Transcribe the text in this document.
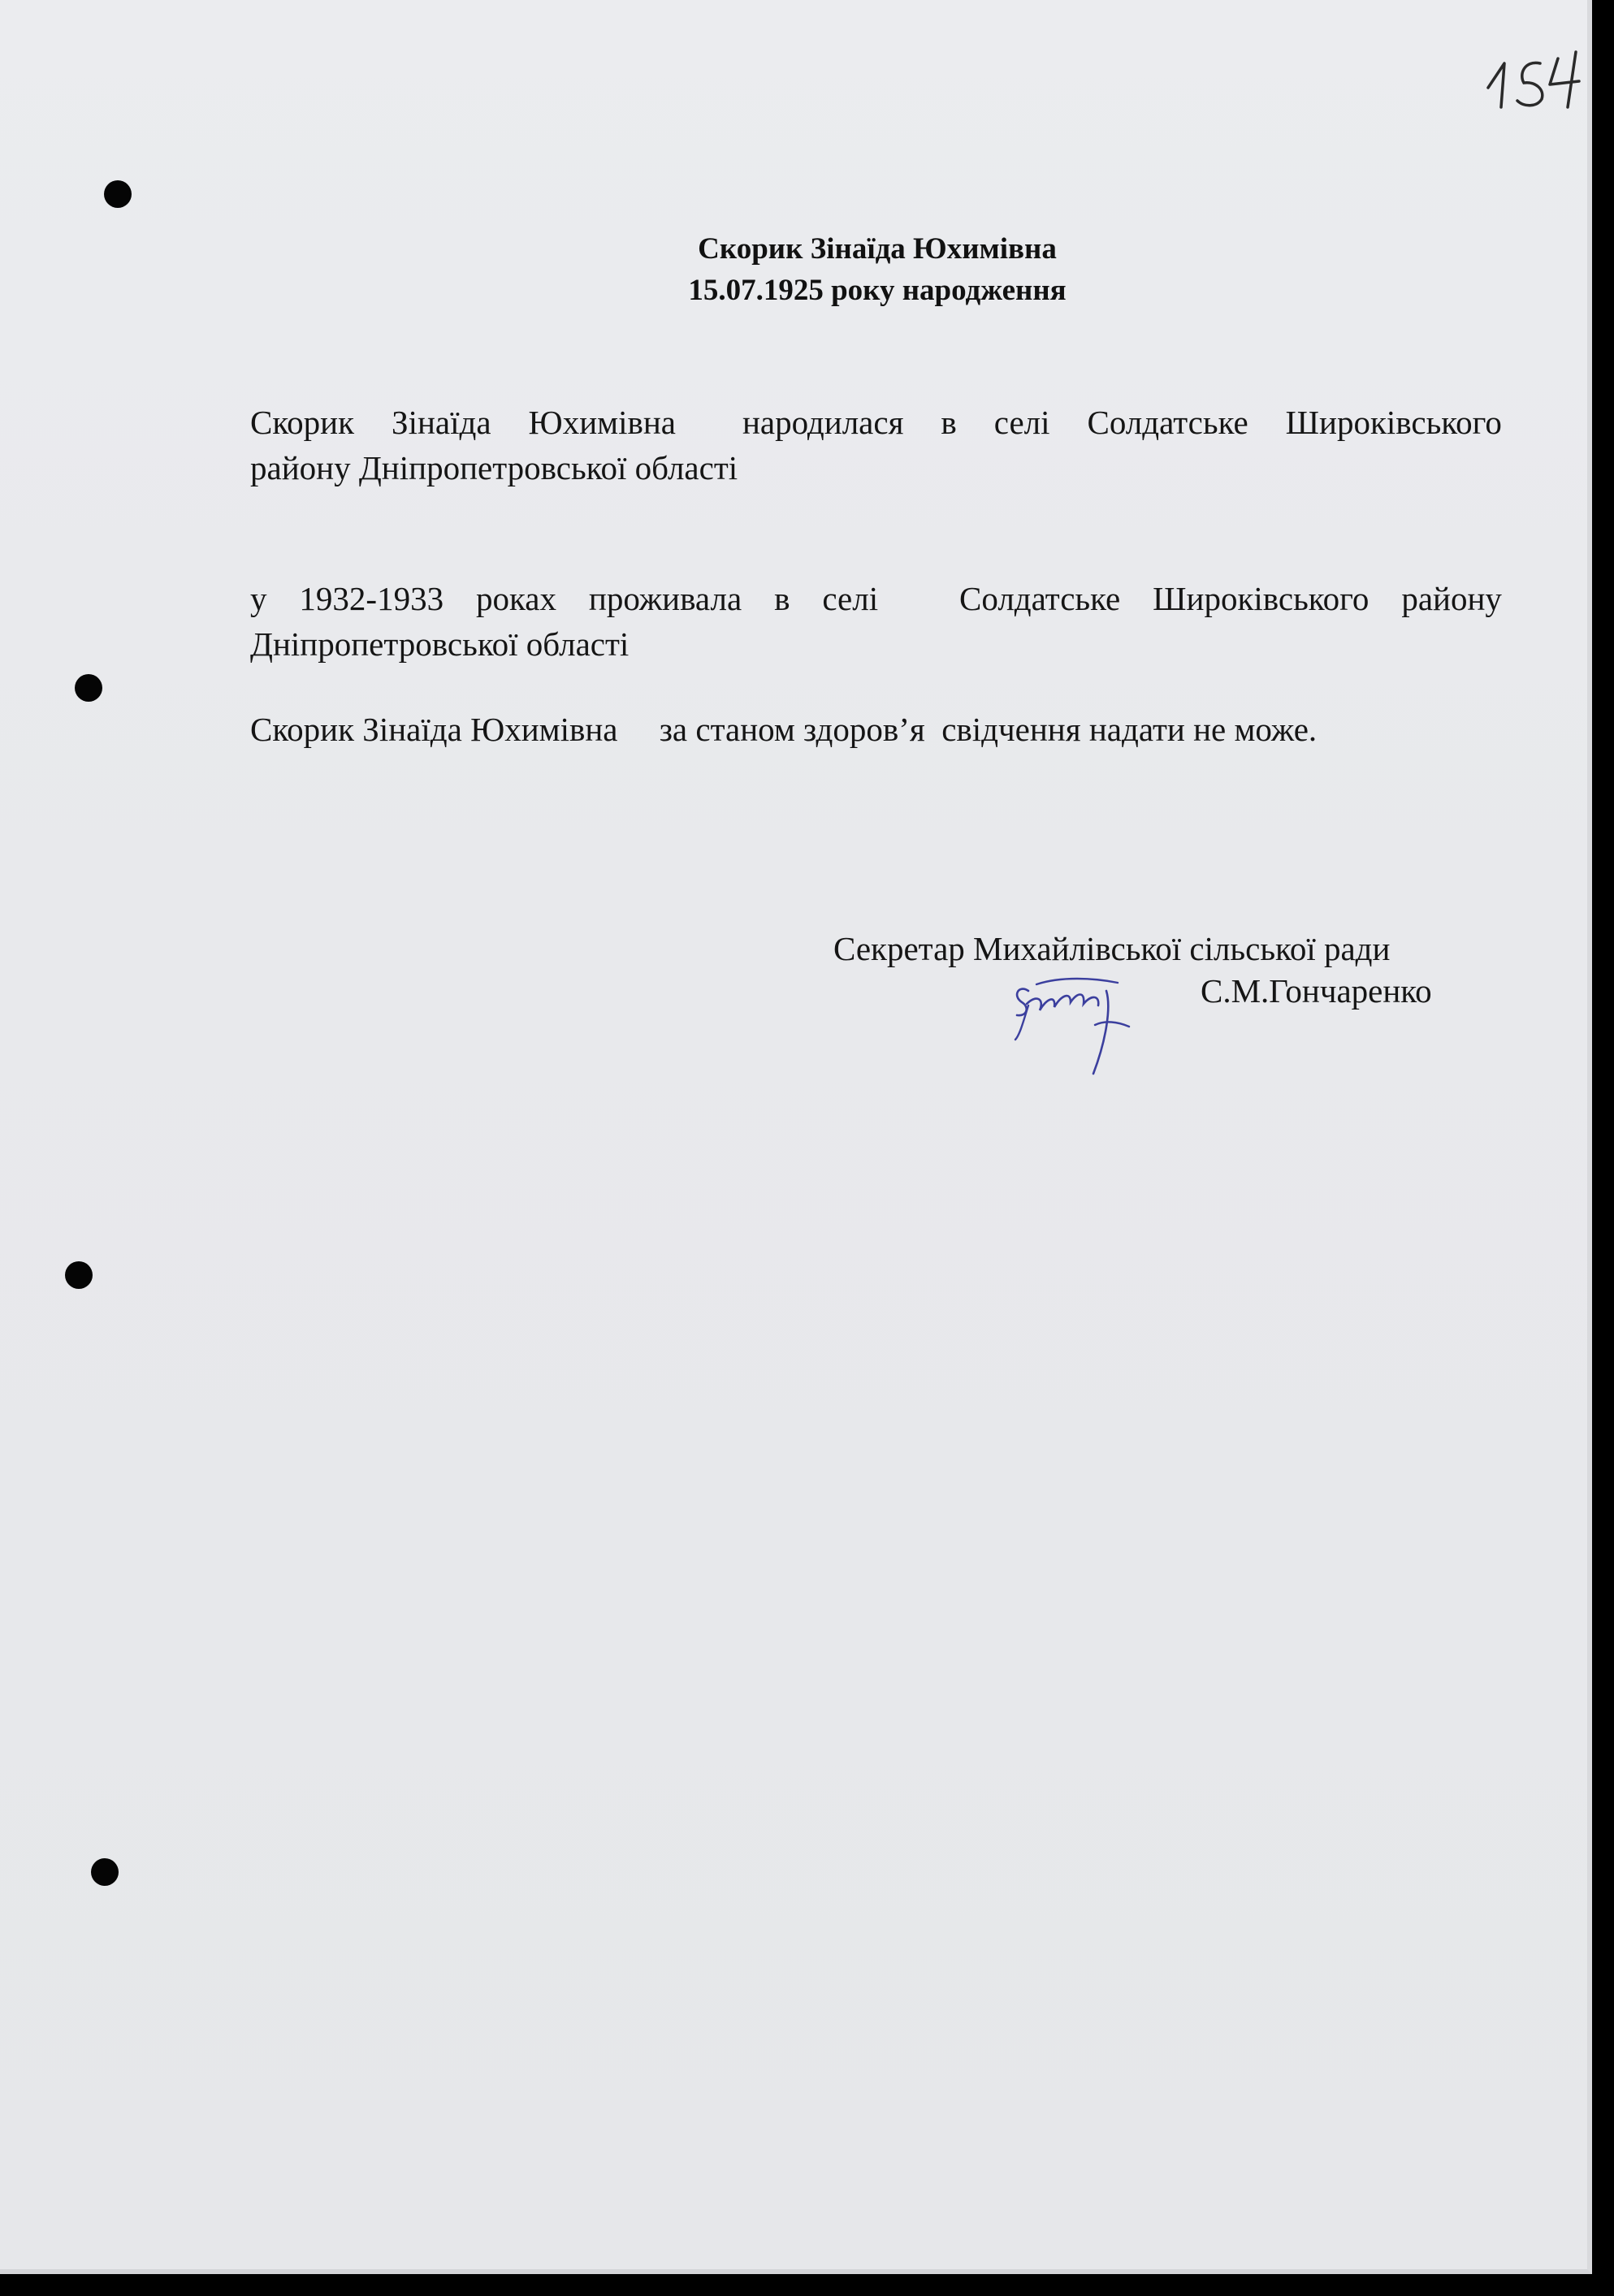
Скорик Зінаїда Юхимівна
15.07.1925 року народження
Скорик Зінаїда Юхимівна народилася в селі Солдатське Широківського
району Дніпропетровської області
у 1932-1933 роках проживала в селі Солдатське Широківського району
Дніпропетровської області
Скорик Зінаїда Юхимівна     за станом здоров’я  свідчення надати не може.
Секретар Михайлівської сільської ради
С.М.Гончаренко
